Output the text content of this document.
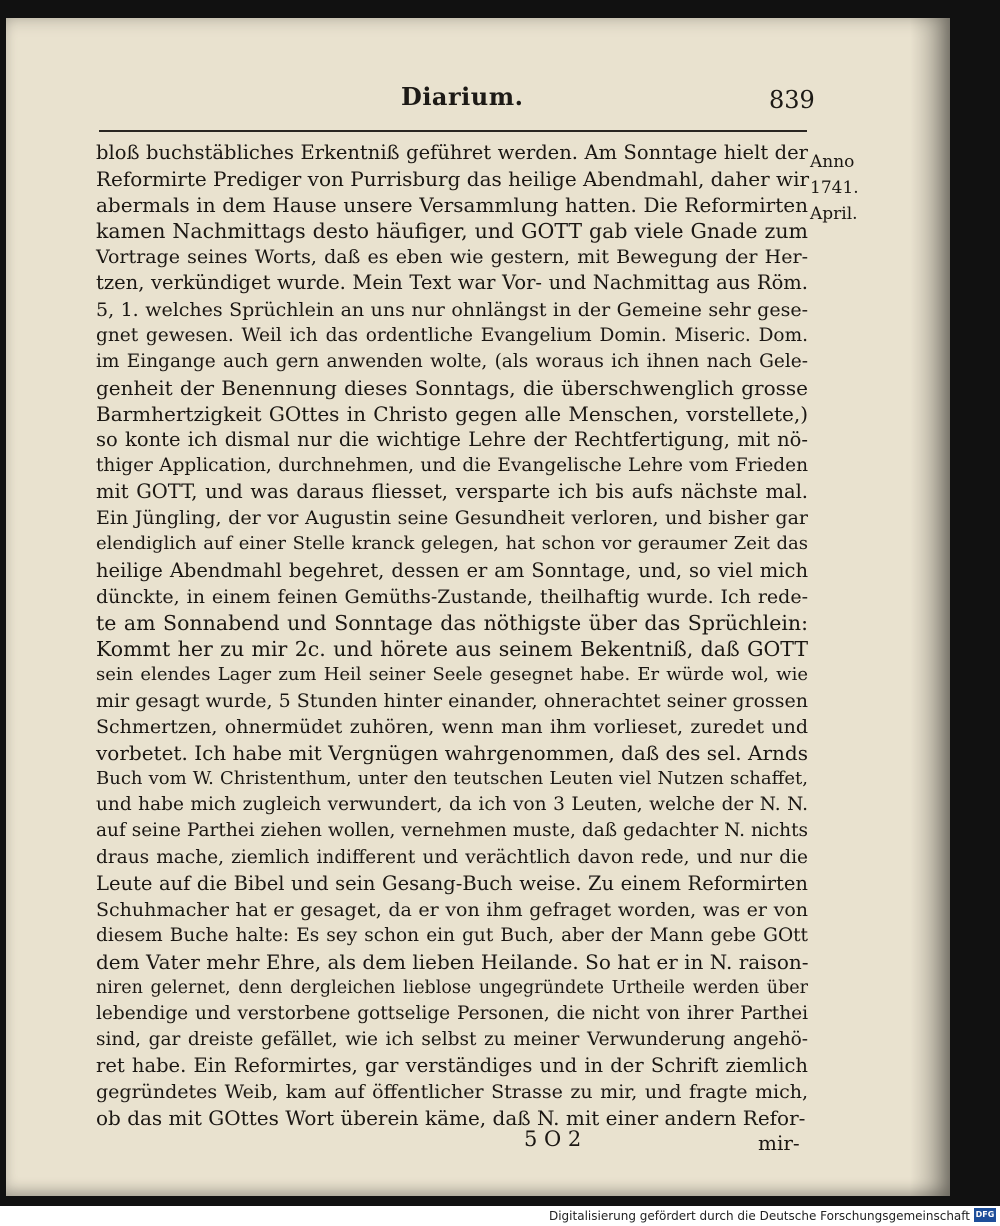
Diarium.	839
Anno
1741.
April.
bloß buchstäbliches Erkentniß geführet werden. Am Sonntage hielt der
Reformirte Prediger von Purrisburg das heilige Abendmahl, daher wir
abermals in dem Hause unsere Versammlung hatten. Die Reformirten
kamen Nachmittags desto häufiger, und GOTT gab viele Gnade zum
Vortrage seines Worts, daß es eben wie gestern, mit Bewegung der Her-
tzen, verkündiget wurde. Mein Text war Vor- und Nachmittag aus Röm.
5, 1. welches Sprüchlein an uns nur ohnlängst in der Gemeine sehr gese-
gnet gewesen. Weil ich das ordentliche Evangelium Domin. Miseric. Dom.
im Eingange auch gern anwenden wolte, (als woraus ich ihnen nach Gele-
genheit der Benennung dieses Sonntags, die überschwenglich grosse
Barmhertzigkeit GOttes in Christo gegen alle Menschen, vorstellete,)
so konte ich dismal nur die wichtige Lehre der Rechtfertigung, mit nö-
thiger Application, durchnehmen, und die Evangelische Lehre vom Frieden
mit GOTT, und was daraus fliesset, versparte ich bis aufs nächste mal.
Ein Jüngling, der vor Augustin seine Gesundheit verloren, und bisher gar
elendiglich auf einer Stelle kranck gelegen, hat schon vor geraumer Zeit das
heilige Abendmahl begehret, dessen er am Sonntage, und, so viel mich
dünckte, in einem feinen Gemüths-Zustande, theilhaftig wurde. Ich rede-
te am Sonnabend und Sonntage das nöthigste über das Sprüchlein:
Kommt her zu mir 2c. und hörete aus seinem Bekentniß, daß GOTT
sein elendes Lager zum Heil seiner Seele gesegnet habe. Er würde wol, wie
mir gesagt wurde, 5 Stunden hinter einander, ohnerachtet seiner grossen
Schmertzen, ohnermüdet zuhören, wenn man ihm vorlieset, zuredet und
vorbetet. Ich habe mit Vergnügen wahrgenommen, daß des sel. Arnds
Buch vom W. Christenthum, unter den teutschen Leuten viel Nutzen schaffet,
und habe mich zugleich verwundert, da ich von 3 Leuten, welche der N. N.
auf seine Parthei ziehen wollen, vernehmen muste, daß gedachter N. nichts
draus mache, ziemlich indifferent und verächtlich davon rede, und nur die
Leute auf die Bibel und sein Gesang-Buch weise. Zu einem Reformirten
Schuhmacher hat er gesaget, da er von ihm gefraget worden, was er von
diesem Buche halte: Es sey schon ein gut Buch, aber der Mann gebe GOtt
dem Vater mehr Ehre, als dem lieben Heilande. So hat er in N. raison-
niren gelernet, denn dergleichen lieblose ungegründete Urtheile werden über
lebendige und verstorbene gottselige Personen, die nicht von ihrer Parthei
sind, gar dreiste gefället, wie ich selbst zu meiner Verwunderung angehö-
ret habe. Ein Reformirtes, gar verständiges und in der Schrift ziemlich
gegründetes Weib, kam auf öffentlicher Strasse zu mir, und fragte mich,
ob das mit GOttes Wort überein käme, daß N. mit einer andern Refor-
5 O 2	mir-
Digitalisierung gefördert durch die Deutsche Forschungsgemeinschaft DFG
